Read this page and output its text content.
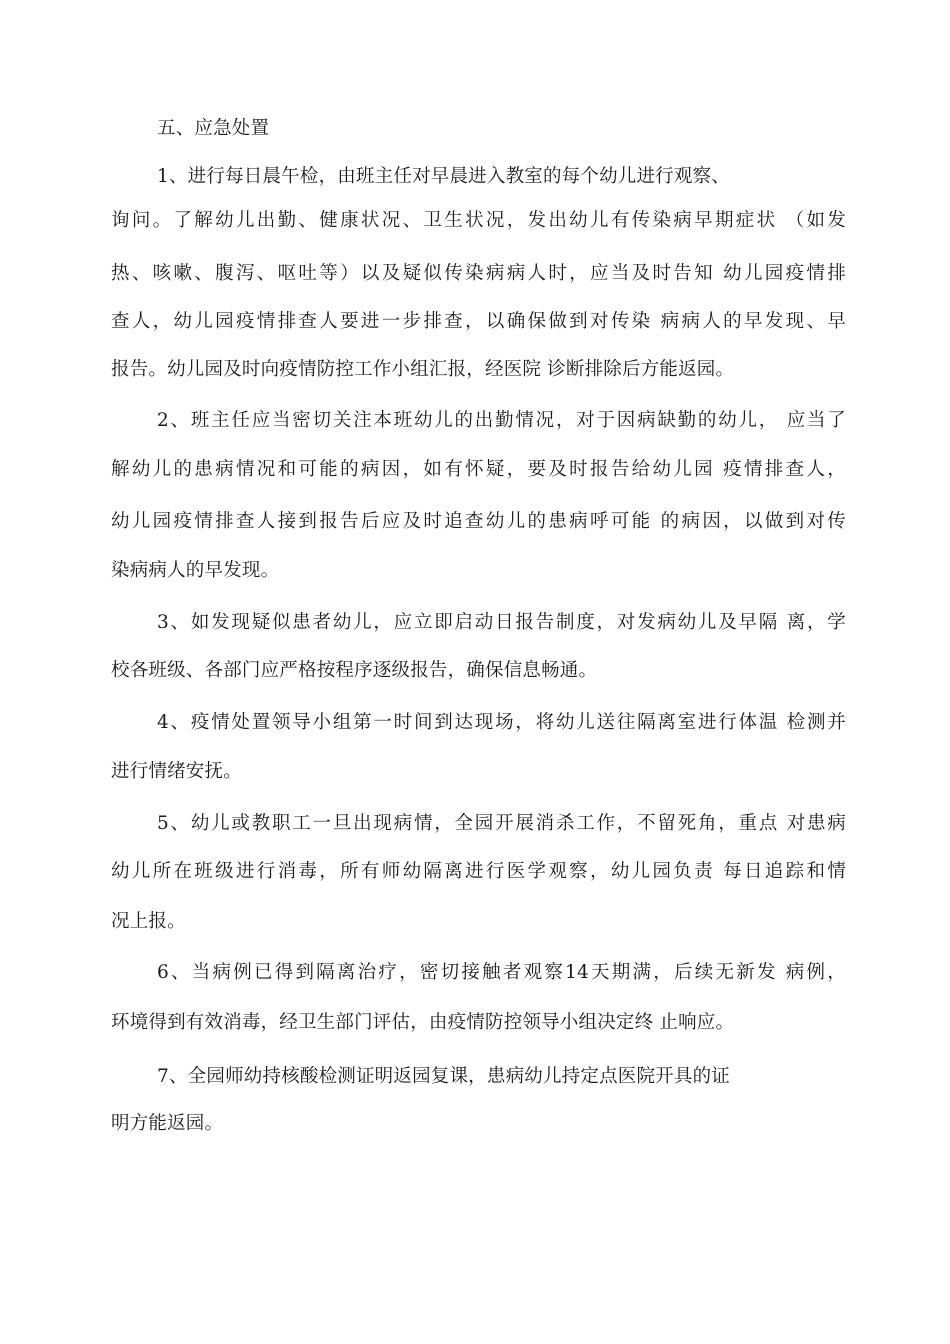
五、应急处置
1、进行每日晨午检，由班主任对早晨进入教室的每个幼儿进行观察、
询问。了解幼儿出勤、健康状况、卫生状况，发出幼儿有传染病早期症状 （如发
热、咳嗽、腹泻、呕吐等）以及疑似传染病病人时，应当及时告知 幼儿园疫情排
查人，幼儿园疫情排查人要进一步排查，以确保做到对传染 病病人的早发现、早
报告。幼儿园及时向疫情防控工作小组汇报，经医院 诊断排除后方能返园。
2、班主任应当密切关注本班幼儿的出勤情况，对于因病缺勤的幼儿， 应当了
解幼儿的患病情况和可能的病因，如有怀疑，要及时报告给幼儿园 疫情排查人，
幼儿园疫情排查人接到报告后应及时追查幼儿的患病呼可能 的病因，以做到对传
染病病人的早发现。
3、如发现疑似患者幼儿，应立即启动日报告制度，对发病幼儿及早隔 离，学
校各班级、各部门应严格按程序逐级报告，确保信息畅通。
4、疫情处置领导小组第一时间到达现场，将幼儿送往隔离室进行体温 检测并
进行情绪安抚。
5、幼儿或教职工一旦出现病情，全园开展消杀工作，不留死角，重点 对患病
幼儿所在班级进行消毒，所有师幼隔离进行医学观察，幼儿园负责 每日追踪和情
况上报。
6、当病例已得到隔离治疗，密切接触者观察14天期满，后续无新发 病例，
环境得到有效消毒，经卫生部门评估，由疫情防控领导小组决定终 止响应。
7、全园师幼持核酸检测证明返园复课，患病幼儿持定点医院开具的证
明方能返园。
